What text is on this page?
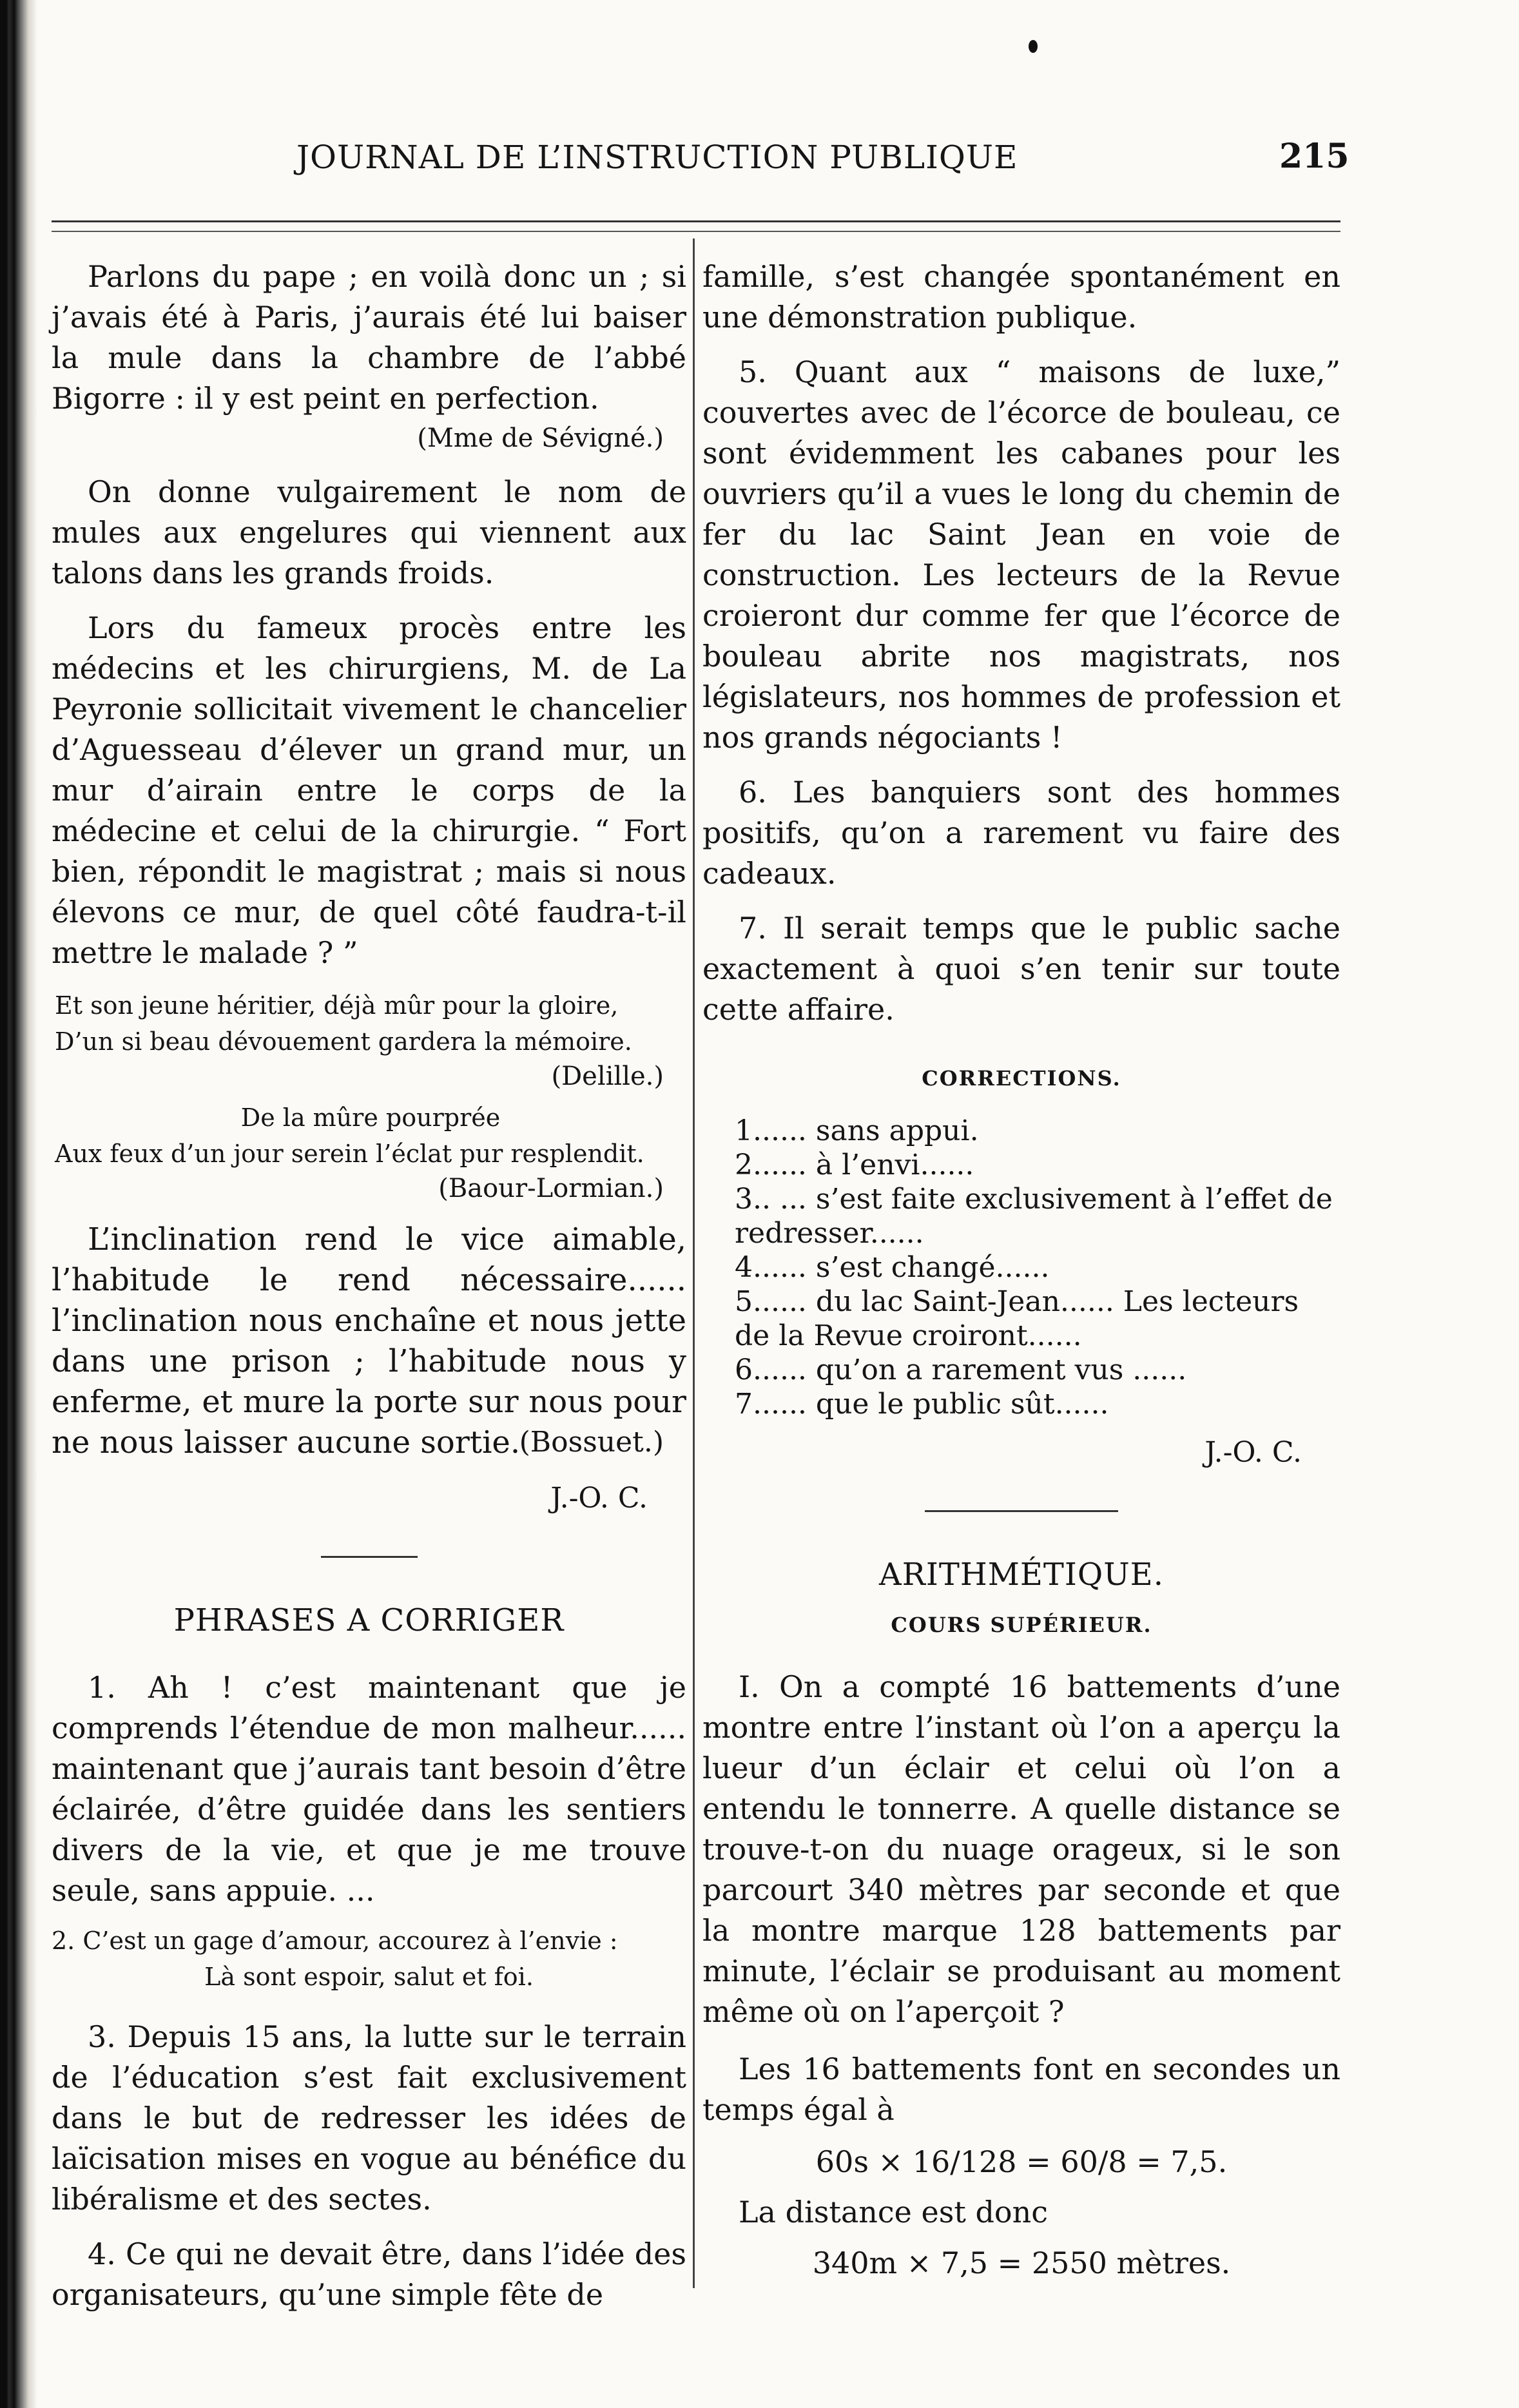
JOURNAL DE L’INSTRUCTION PUBLIQUE	215

Parlons du pape ; en voilà donc un ; si j’avais été à Paris, j’aurais été lui baiser la mule dans la chambre de l’abbé Bigorre : il y est peint en perfection.

(Mme de Sévigné.)

On donne vulgairement le nom de mules aux engelures qui viennent aux talons dans les grands froids.

Lors du fameux procès entre les médecins et les chirurgiens, M. de La Peyronie sollicitait vivement le chancelier d’Aguesseau d’élever un grand mur, un mur d’airain entre le corps de la médecine et celui de la chirurgie. “ Fort bien, répondit le magistrat ; mais si nous élevons ce mur, de quel côté faudra-t-il mettre le malade ? ”

Et son jeune héritier, déjà mûr pour la gloire,

D’un si beau dévouement gardera la mémoire.

(Delille.)

De la mûre pourprée

Aux feux d’un jour serein l’éclat pur resplendit.

(Baour-Lormian.)

L’inclination rend le vice aimable, l’habitude le rend nécessaire...... l’inclination nous enchaîne et nous jette dans une prison ; l’habitude nous y enferme, et mure la porte sur nous pour ne nous laisser aucune sortie.

(Bossuet.)

J.-O. C.

PHRASES A CORRIGER

1. Ah ! c’est maintenant que je comprends l’étendue de mon malheur...... maintenant que j’aurais tant besoin d’être éclairée, d’être guidée dans les sentiers divers de la vie, et que je me trouve seule, sans appuie. ...

2. C’est un gage d’amour, accourez à l’envie :

Là sont espoir, salut et foi.

3. Depuis 15 ans, la lutte sur le terrain de l’éducation s’est fait exclusivement dans le but de redresser les idées de laïcisation mises en vogue au bénéfice du libéralisme et des sectes.

4. Ce qui ne devait être, dans l’idée des organisateurs, qu’une simple fête de

famille, s’est changée spontanément en une démonstration publique.

5. Quant aux “ maisons de luxe,” couvertes avec de l’écorce de bouleau, ce sont évidemment les cabanes pour les ouvriers qu’il a vues le long du chemin de fer du lac Saint Jean en voie de construction. Les lecteurs de la Revue croieront dur comme fer que l’écorce de bouleau abrite nos magistrats, nos législateurs, nos hommes de profession et nos grands négociants !

6. Les banquiers sont des hommes positifs, qu’on a rarement vu faire des cadeaux.

7. Il serait temps que le public sache exactement à quoi s’en tenir sur toute cette affaire.

CORRECTIONS.

1...... sans appui.

2...... à l’envi......

3.. ... s’est faite exclusivement à l’effet de redresser......

4...... s’est changé......

5...... du lac Saint-Jean...... Les lecteurs de la Revue croiront......

6...... qu’on a rarement vus ......

7...... que le public sût......

J.-O. C.

ARITHMÉTIQUE.

COURS SUPÉRIEUR.

I. On a compté 16 battements d’une montre entre l’instant où l’on a aperçu la lueur d’un éclair et celui où l’on a entendu le tonnerre. A quelle distance se trouve-t-on du nuage orageux, si le son parcourt 340 mètres par seconde et que la montre marque 128 battements par minute, l’éclair se produisant au moment même où on l’aperçoit ?

Les 16 battements font en secondes un temps égal à

60s × 16/128 = 60/8 = 7,5.

La distance est donc

340m × 7,5 = 2550 mètres.
